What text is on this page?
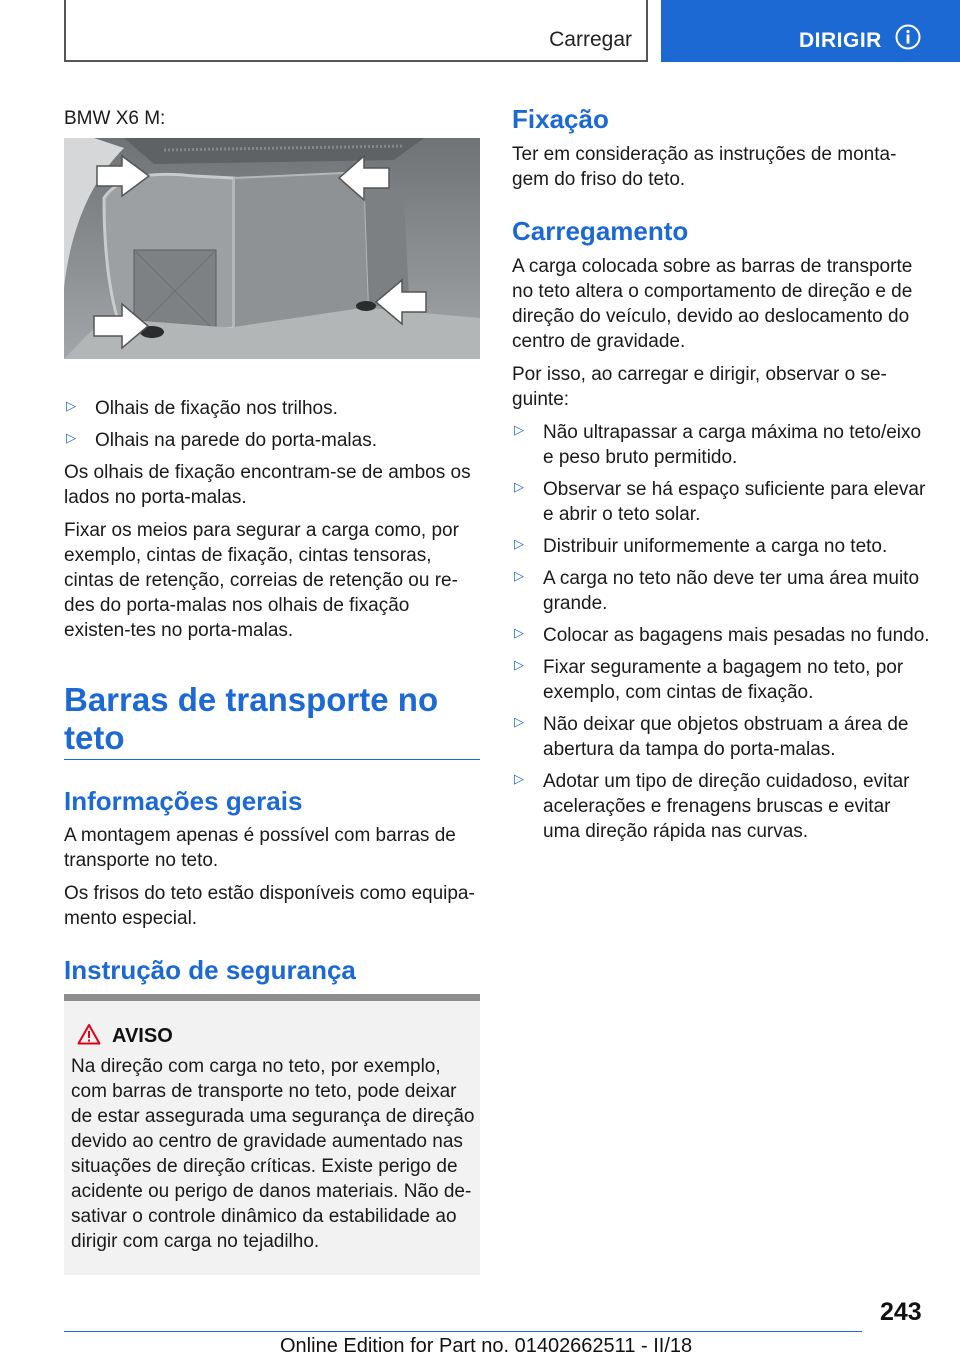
Carregar	DIRIGIR

BMW X6 M:

▷	Olhais de fixação nos trilhos.

▷	Olhais na parede do porta-malas.

Os olhais de fixação encontram-se de ambos os lados no porta-malas.

Fixar os meios para segurar a carga como, por exemplo, cintas de fixação, cintas tensoras, cintas de retenção, correias de retenção ou re-des do porta-malas nos olhais de fixação existen-tes no porta-malas.

Barras de transporte no
teto
Informações gerais

A montagem apenas é possível com barras de transporte no teto.

Os frisos do teto estão disponíveis como equipa-mento especial.

Instrução de segurança
AVISO

Na direção com carga no teto, por exemplo, com barras de transporte no teto, pode deixar de estar assegurada uma segurança de direção devido ao centro de gravidade aumentado nas situações de direção críticas. Existe perigo de acidente ou perigo de danos materiais. Não de-sativar o controle dinâmico da estabilidade ao dirigir com carga no tejadilho.

Fixação

Ter em consideração as instruções de monta-gem do friso do teto.

Carregamento

A carga colocada sobre as barras de transporte no teto altera o comportamento de direção e de direção do veículo, devido ao deslocamento do centro de gravidade.

Por isso, ao carregar e dirigir, observar o se-guinte:

▷	Não ultrapassar a carga máxima no teto/eixo e peso bruto permitido.

▷	Observar se há espaço suficiente para elevar e abrir o teto solar.

▷	Distribuir uniformemente a carga no teto.

▷	A carga no teto não deve ter uma área muito grande.

▷	Colocar as bagagens mais pesadas no fundo.

▷	Fixar seguramente a bagagem no teto, por exemplo, com cintas de fixação.

▷	Não deixar que objetos obstruam a área de abertura da tampa do porta-malas.

▷	Adotar um tipo de direção cuidadoso, evitar acelerações e frenagens bruscas e evitar uma direção rápida nas curvas.

243
Online Edition for Part no. 01402662511 - II/18
